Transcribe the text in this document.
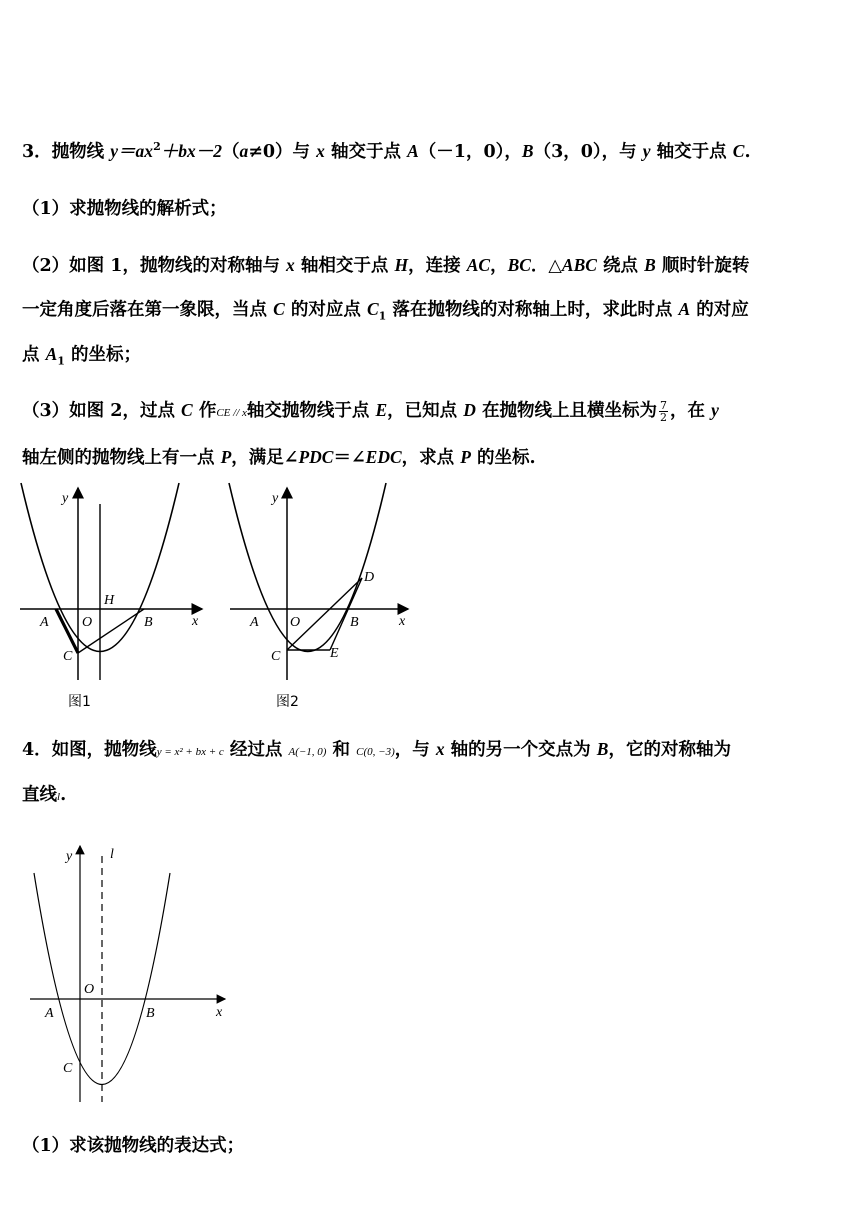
3．抛物线 $y=ax^2+bx-2(a\ne 0)$与 x 轴交于点 A（－1，0），B（3，0），与 y 轴交于点 C.
（1）求抛物线的解析式；
（2）如图 1，抛物线的对称轴与 x 轴相交于点 H，连接 AC，BC．△ABC 绕点 B 顺时针旋转
一定角度后落在第一象限，当点 C 的对应点 $C_1$ 落在抛物线的对称轴上时，求此时点 A 的对应
点 $A_1$ 的坐标；
（3）如图 2，过点 C 作CE // x轴交抛物线于点 E，已知点 D 在抛物线上且横坐标为 $\frac{7}{2}$ ，在 y
轴左侧的抛物线上有一点 P，满足∠PDC＝∠EDC，求点 P 的坐标.
y
x
H
A O	B
C
图1
y
x
D
A O	B
C	E
图2
4．如图，抛物线y = x² + bx + c 经过点 A(−1, 0) 和 C(0, −3)，与 x 轴的另一个交点为 B，它的对称轴为
直线l.
y	l
x
O
A	B
C
（1）求该抛物线的表达式；
